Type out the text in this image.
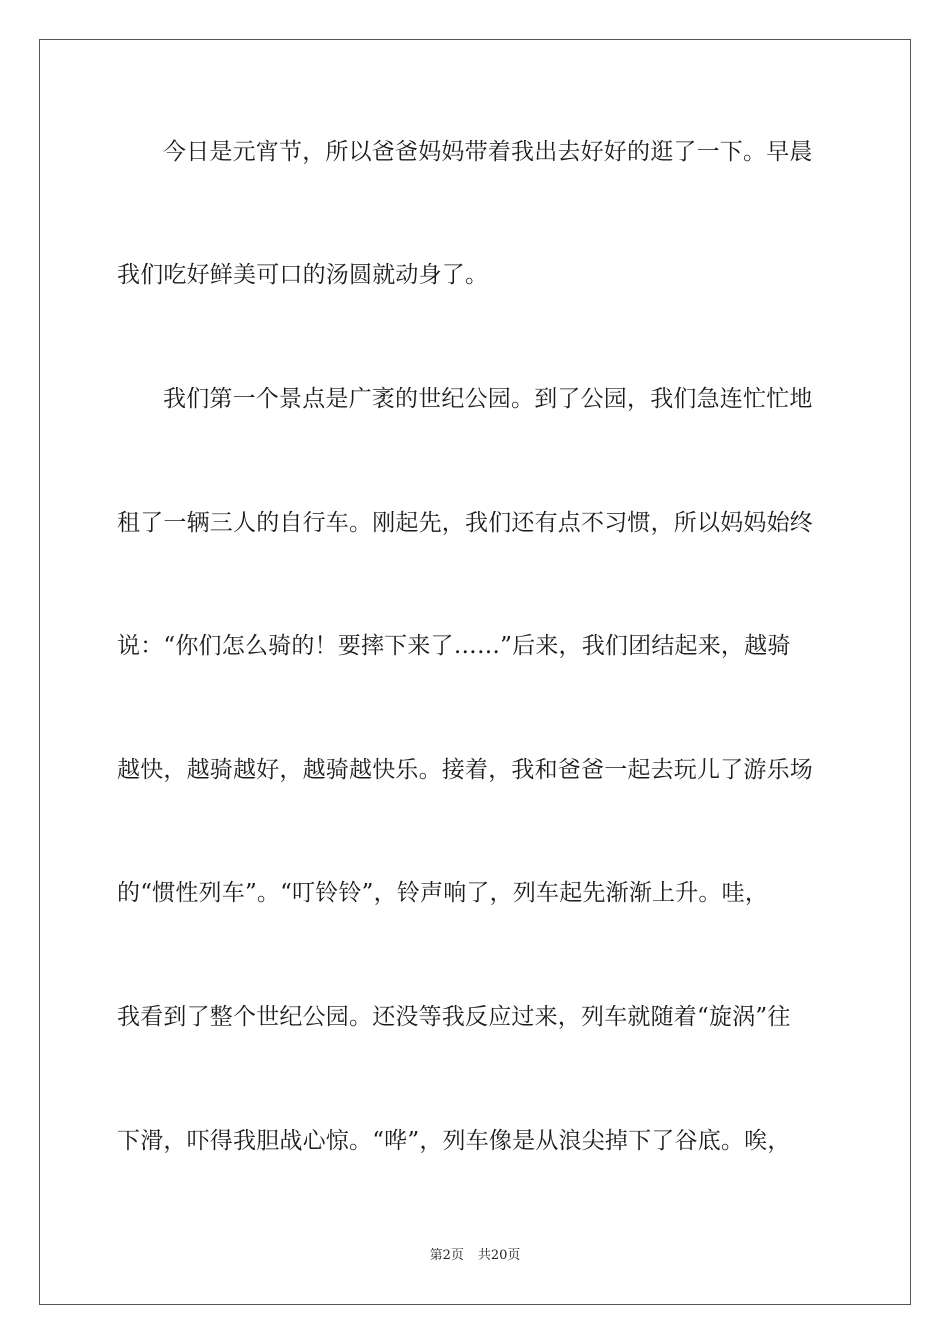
今日是元宵节，所以爸爸妈妈带着我出去好好的逛了一下。早晨
我们吃好鲜美可口的汤圆就动身了。
我们第一个景点是广袤的世纪公园。到了公园，我们急连忙忙地
租了一辆三人的自行车。刚起先，我们还有点不习惯，所以妈妈始终
说：“你们怎么骑的！要摔下来了……”后来，我们团结起来，越骑
越快，越骑越好，越骑越快乐。接着，我和爸爸一起去玩儿了游乐场
的“惯性列车”。“叮铃铃”，铃声响了，列车起先渐渐上升。哇，
我看到了整个世纪公园。还没等我反应过来，列车就随着“旋涡”往
下滑，吓得我胆战心惊。“哗”，列车像是从浪尖掉下了谷底。唉，
第2页 共20页
